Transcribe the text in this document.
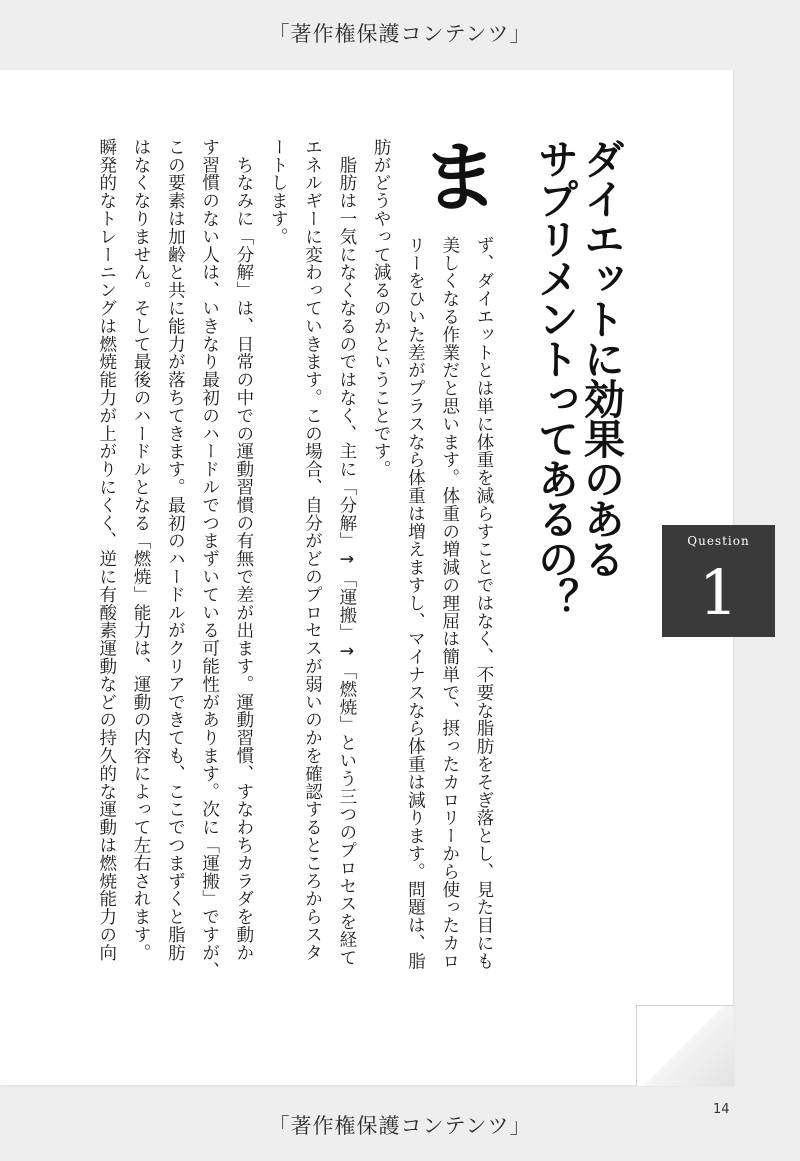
「著作権保護コンテンツ」
ダイエットに効果のある
サプリメントってあるの？	Question
1
ま
ず、ダイエットとは単に体重を減らすことではなく、不要な脂肪をそぎ落とし、見た目にも
美しくなる作業だと思います。体重の増減の理屈は簡単で、摂ったカロリーから使ったカロ
リーをひいた差がプラスなら体重は増えますし、マイナスなら体重は減ります。問題は、脂
肪がどうやって減るのかということです。
　脂肪は一気になくなるのではなく、主に「分解」→「運搬」→「燃焼」という三つのプロセスを経て
エネルギーに変わっていきます。この場合、自分がどのプロセスが弱いのかを確認するところからスタ
ートします。
　ちなみに「分解」は、日常の中での運動習慣の有無で差が出ます。運動習慣、すなわちカラダを動か
す習慣のない人は、いきなり最初のハードルでつまずいている可能性があります。次に「運搬」ですが、
この要素は加齢と共に能力が落ちてきます。最初のハードルがクリアできても、ここでつまずくと脂肪
はなくなりません。そして最後のハードルとなる「燃焼」能力は、運動の内容によって左右されます。
瞬発的なトレーニングは燃焼能力が上がりにくく、逆に有酸素運動などの持久的な運動は燃焼能力の向
14
「著作権保護コンテンツ」
